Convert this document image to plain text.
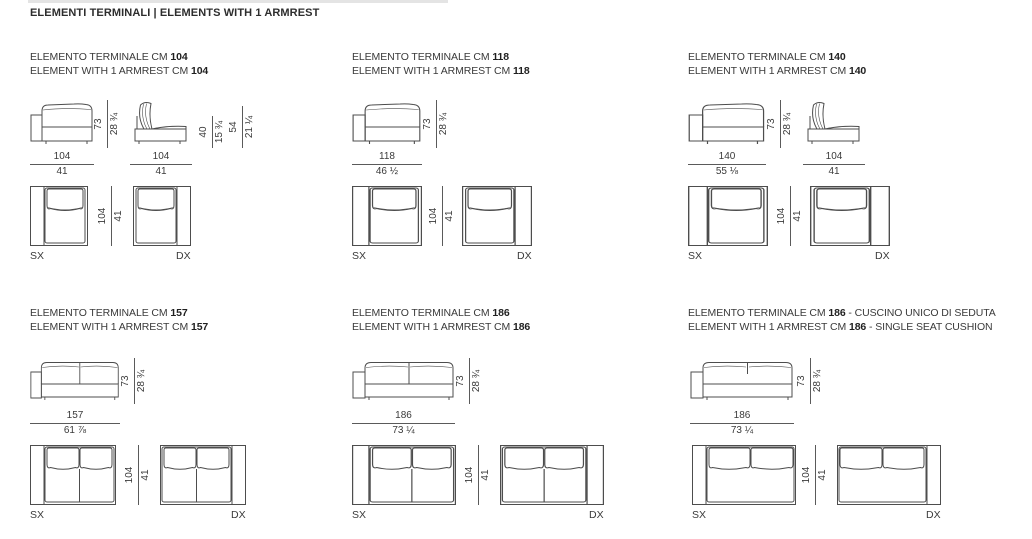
ELEMENTI TERMINALI | ELEMENTS WITH 1 ARMREST
ELEMENTO TERMINALE CM 104
ELEMENT WITH 1 ARMREST CM 104
73 28 ¾	40 15 ¾ 54 21 ¼
104
41
104
41
104 41
SX	DX
ELEMENTO TERMINALE CM 118
ELEMENT WITH 1 ARMREST CM 118
73 28 ¾
118
46 ½
104 41
SX	DX
ELEMENTO TERMINALE CM 140
ELEMENT WITH 1 ARMREST CM 140
73 28 ¾
140
55 ⅛
104
41
104 41
SX	DX
ELEMENTO TERMINALE CM 157
ELEMENT WITH 1 ARMREST CM 157
73 28 ¾
157
61 ⅞
104 41
SX	DX
ELEMENTO TERMINALE CM 186
ELEMENT WITH 1 ARMREST CM 186
73 28 ¾
186
73 ¼
104 41
SX	DX
ELEMENTO TERMINALE CM 186 - CUSCINO UNICO DI SEDUTA
ELEMENT WITH 1 ARMREST CM 186 - SINGLE SEAT CUSHION
73 28 ¾
186
73 ¼
104 41
SX	DX
